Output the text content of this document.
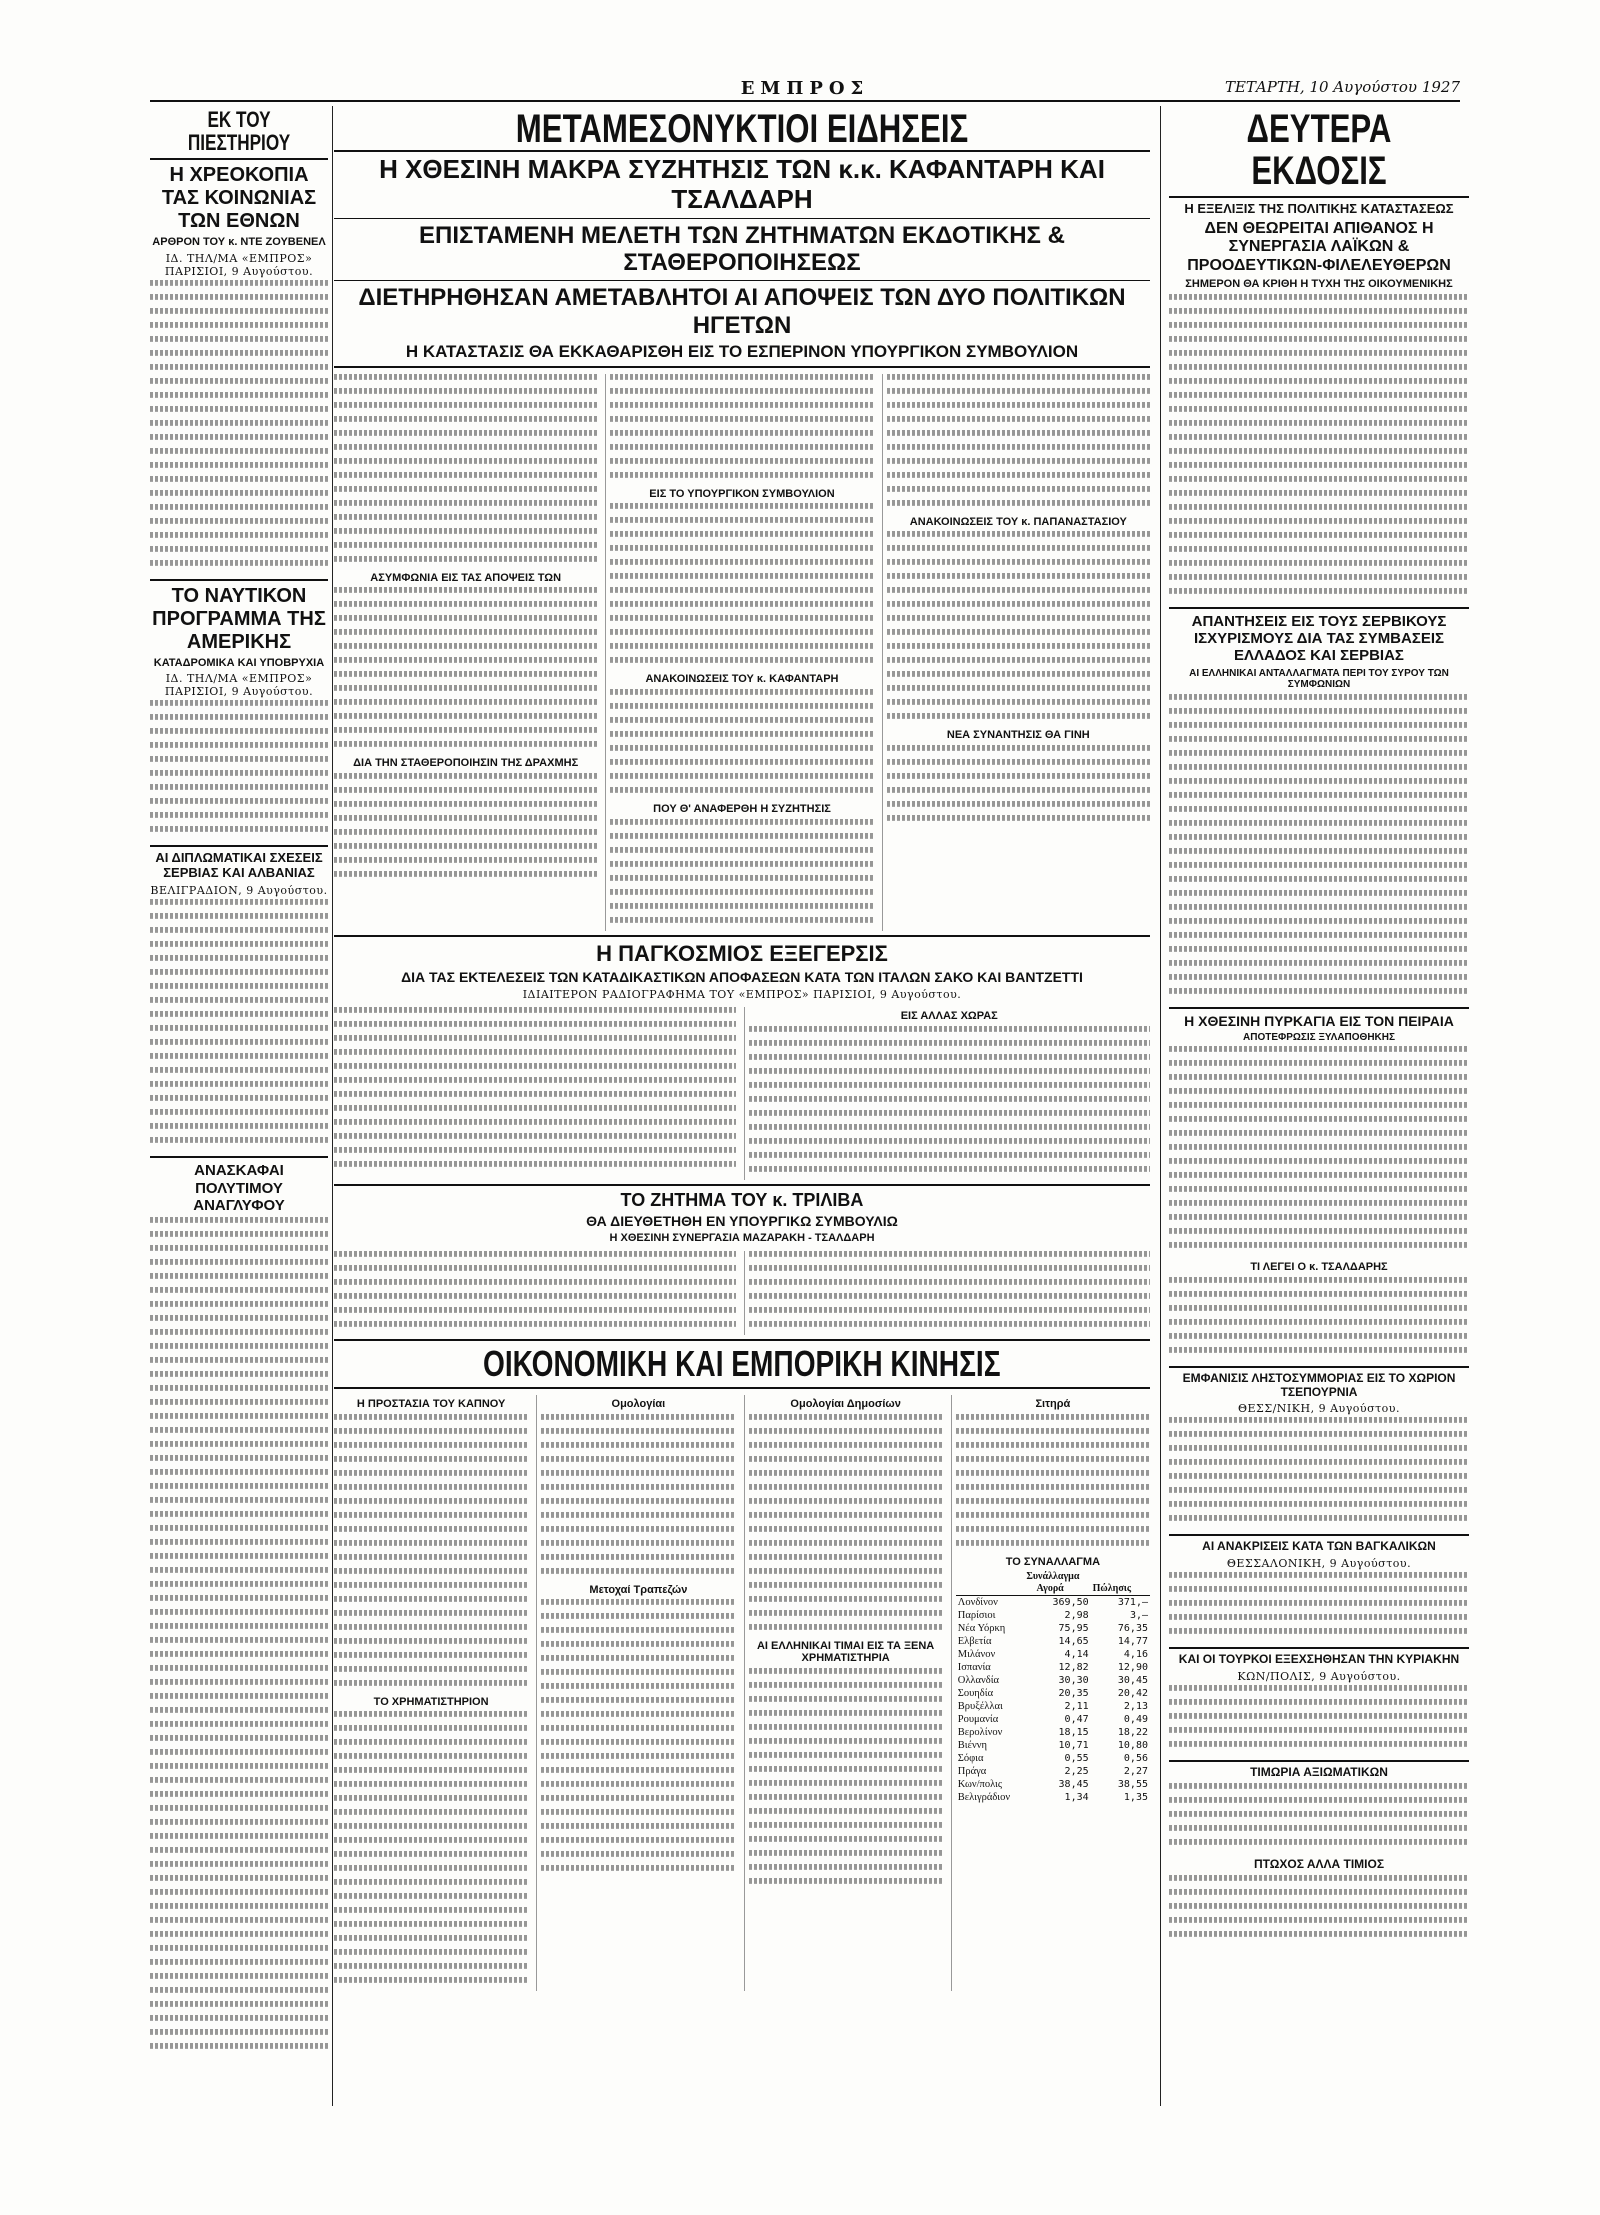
ΕΜΠΡΟΣ	ΤΕΤΑΡΤΗ, 10 Αυγούστου 1927
ΕΚ ΤΟΥ ΠΙΕΣΤΗΡΙΟΥ
Η ΧΡΕΟΚΟΠΙΑ ΤΑΣ ΚΟΙΝΩΝΙΑΣ ΤΩΝ ΕΘΝΩΝ
ΑΡΘΡΟΝ ΤΟΥ κ. ΝΤΕ ΖΟΥΒΕΝΕΛ
ΙΔ. ΤΗΛ/ΜΑ «ΕΜΠΡΟΣ» ΠΑΡΙΣΙΟΙ, 9 Αυγούστου.
ΤΟ ΝΑΥΤΙΚΟΝ ΠΡΟΓΡΑΜΜΑ ΤΗΣ ΑΜΕΡΙΚΗΣ
ΚΑΤΑΔΡΟΜΙΚΑ ΚΑΙ ΥΠΟΒΡΥΧΙΑ
ΙΔ. ΤΗΛ/ΜΑ «ΕΜΠΡΟΣ» ΠΑΡΙΣΙΟΙ, 9 Αυγούστου.
ΑΙ ΔΙΠΛΩΜΑΤΙΚΑΙ ΣΧΕΣΕΙΣ ΣΕΡΒΙΑΣ ΚΑΙ ΑΛΒΑΝΙΑΣ
ΒΕΛΙΓΡΑΔΙΟΝ, 9 Αυγούστου.
ΑΝΑΣΚΑΦΑΙ ΠΟΛΥΤΙΜΟΥ ΑΝΑΓΛΥΦΟΥ
ΜΕΤΑΜΕΣΟΝΥΚΤΙΟΙ ΕΙΔΗΣΕΙΣ
Η ΧΘΕΣΙΝΗ ΜΑΚΡΑ ΣΥΖΗΤΗΣΙΣ ΤΩΝ κ.κ. ΚΑΦΑΝΤΑΡΗ ΚΑΙ ΤΣΑΛΔΑΡΗ
ΕΠΙΣΤΑΜΕΝΗ ΜΕΛΕΤΗ ΤΩΝ ΖΗΤΗΜΑΤΩΝ ΕΚΔΟΤΙΚΗΣ & ΣΤΑΘΕΡΟΠΟΙΗΣΕΩΣ
ΔΙΕΤΗΡΗΘΗΣΑΝ ΑΜΕΤΑΒΛΗΤΟΙ ΑΙ ΑΠΟΨΕΙΣ ΤΩΝ ΔΥΟ ΠΟΛΙΤΙΚΩΝ ΗΓΕΤΩΝ
Η ΚΑΤΑΣΤΑΣΙΣ ΘΑ ΕΚΚΑΘΑΡΙΣΘΗ ΕΙΣ ΤΟ ΕΣΠΕΡΙΝΟΝ ΥΠΟΥΡΓΙΚΟΝ ΣΥΜΒΟΥΛΙΟΝ
ΑΣΥΜΦΩΝΙΑ ΕΙΣ ΤΑΣ ΑΠΟΨΕΙΣ ΤΩΝ
ΔΙΑ ΤΗΝ ΣΤΑΘΕΡΟΠΟΙΗΣΙΝ ΤΗΣ ΔΡΑΧΜΗΣ
ΕΙΣ ΤΟ ΥΠΟΥΡΓΙΚΟΝ ΣΥΜΒΟΥΛΙΟΝ
ΑΝΑΚΟΙΝΩΣΕΙΣ ΤΟΥ κ. ΚΑΦΑΝΤΑΡΗ
ΠΟΥ Θ' ΑΝΑΦΕΡΘΗ Η ΣΥΖΗΤΗΣΙΣ
ΑΝΑΚΟΙΝΩΣΕΙΣ ΤΟΥ κ. ΠΑΠΑΝΑΣΤΑΣΙΟΥ
ΝΕΑ ΣΥΝΑΝΤΗΣΙΣ ΘΑ ΓΙΝΗ
Η ΠΑΓΚΟΣΜΙΟΣ ΕΞΕΓΕΡΣΙΣ
ΔΙΑ ΤΑΣ ΕΚΤΕΛΕΣΕΙΣ ΤΩΝ ΚΑΤΑΔΙΚΑΣΤΙΚΩΝ ΑΠΟΦΑΣΕΩΝ ΚΑΤΑ ΤΩΝ ΙΤΑΛΩΝ ΣΑΚΟ ΚΑΙ ΒΑΝΤΖΕΤΤΙ
ΙΔΙΑΙΤΕΡΟΝ ΡΑΔΙΟΓΡΑΦΗΜΑ ΤΟΥ «ΕΜΠΡΟΣ» ΠΑΡΙΣΙΟΙ, 9 Αυγούστου.
ΕΙΣ ΑΛΛΑΣ ΧΩΡΑΣ
ΤΟ ΖΗΤΗΜΑ ΤΟΥ κ. ΤΡΙΛΙΒΑ
ΘΑ ΔΙΕΥΘΕΤΗΘΗ ΕΝ ΥΠΟΥΡΓΙΚΩ ΣΥΜΒΟΥΛΙΩ
Η ΧΘΕΣΙΝΗ ΣΥΝΕΡΓΑΣΙΑ ΜΑΖΑΡΑΚΗ - ΤΣΑΛΔΑΡΗ
ΟΙΚΟΝΟΜΙΚΗ ΚΑΙ ΕΜΠΟΡΙΚΗ ΚΙΝΗΣΙΣ
Η ΠΡΟΣΤΑΣΙΑ ΤΟΥ ΚΑΠΝΟΥ
ΤΟ ΧΡΗΜΑΤΙΣΤΗΡΙΟΝ
Ομολογίαι
Μετοχαί Τραπεζών
Ομολογίαι Δημοσίων
ΑΙ ΕΛΛΗΝΙΚΑΙ ΤΙΜΑΙ ΕΙΣ ΤΑ ΞΕΝΑ ΧΡΗΜΑΤΙΣΤΗΡΙΑ
Σιτηρά
ΤΟ ΣΥΝΑΛΛΑΓΜΑ
Συνάλλαγμα
	Αγορά	Πώλησις
Λονδίνον	369,50	371,—
Παρίσιοι	2,98	3,—
Νέα Υόρκη	75,95	76,35
Ελβετία	14,65	14,77
Μιλάνον	4,14	4,16
Ισπανία	12,82	12,90
Ολλανδία	30,30	30,45
Σουηδία	20,35	20,42
Βρυξέλλαι	2,11	2,13
Ρουμανία	0,47	0,49
Βερολίνον	18,15	18,22
Βιέννη	10,71	10,80
Σόφια	0,55	0,56
Πράγα	2,25	2,27
Κων/πολις	38,45	38,55
Βελιγράδιον	1,34	1,35
ΔΕΥΤΕΡΑ ΕΚΔΟΣΙΣ
Η ΕΞΕΛΙΞΙΣ ΤΗΣ ΠΟΛΙΤΙΚΗΣ ΚΑΤΑΣΤΑΣΕΩΣ
ΔΕΝ ΘΕΩΡΕΙΤΑΙ ΑΠΙΘΑΝΟΣ Η ΣΥΝΕΡΓΑΣΙΑ ΛΑΪΚΩΝ & ΠΡΟΟΔΕΥΤΙΚΩΝ-ΦΙΛΕΛΕΥΘΕΡΩΝ
ΣΗΜΕΡΟΝ ΘΑ ΚΡΙΘΗ Η ΤΥΧΗ ΤΗΣ ΟΙΚΟΥΜΕΝΙΚΗΣ
ΑΠΑΝΤΗΣΕΙΣ ΕΙΣ ΤΟΥΣ ΣΕΡΒΙΚΟΥΣ ΙΣΧΥΡΙΣΜΟΥΣ ΔΙΑ ΤΑΣ ΣΥΜΒΑΣΕΙΣ ΕΛΛΑΔΟΣ ΚΑΙ ΣΕΡΒΙΑΣ
ΑΙ ΕΛΛΗΝΙΚΑΙ ΑΝΤΑΛΛΑΓΜΑΤΑ ΠΕΡΙ ΤΟΥ ΣΥΡΟΥ ΤΩΝ ΣΥΜΦΩΝΙΩΝ
Η ΧΘΕΣΙΝΗ ΠΥΡΚΑΓΙΑ ΕΙΣ ΤΟΝ ΠΕΙΡΑΙΑ
ΑΠΟΤΕΦΡΩΣΙΣ ΞΥΛΑΠΟΘΗΚΗΣ
ΤΙ ΛΕΓΕΙ Ο κ. ΤΣΑΛΔΑΡΗΣ
ΕΜΦΑΝΙΣΙΣ ΛΗΣΤΟΣΥΜΜΟΡΙΑΣ ΕΙΣ ΤΟ ΧΩΡΙΟΝ ΤΣΕΠΟΥΡΝΙΑ
ΘΕΣΣ/ΝΙΚΗ, 9 Αυγούστου.
ΑΙ ΑΝΑΚΡΙΣΕΙΣ ΚΑΤΑ ΤΩΝ ΒΑΓΚΑΛΙΚΩΝ
ΘΕΣΣΑΛΟΝΙΚΗ, 9 Αυγούστου.
ΚΑΙ ΟΙ ΤΟΥΡΚΟΙ ΕΞΕΧΣΗΘΗΣΑΝ ΤΗΝ ΚΥΡΙΑΚΗΝ
ΚΩΝ/ΠΟΛΙΣ, 9 Αυγούστου.
ΤΙΜΩΡΙΑ ΑΞΙΩΜΑΤΙΚΩΝ
ΠΤΩΧΟΣ ΑΛΛΑ ΤΙΜΙΟΣ
